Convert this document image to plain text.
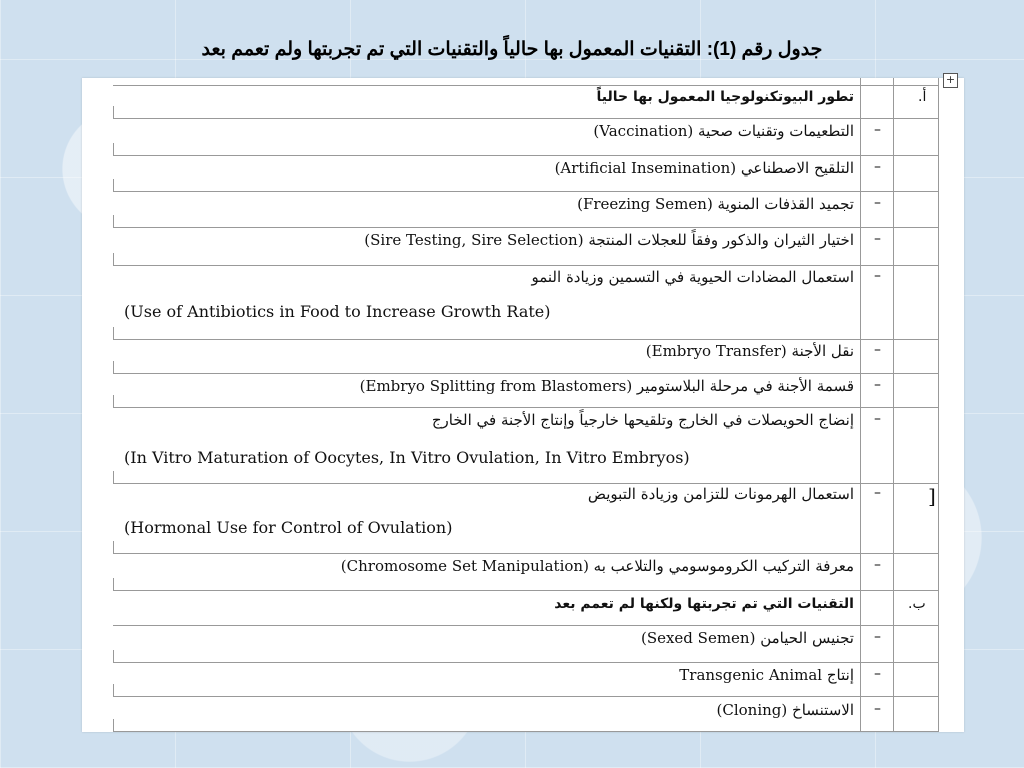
جدول رقم (1): التقنيات المعمول بها حالياً والتقنيات التي تم تجربتها ولم تعمم بعد
+
أ.
تطور البيوتكنولوجيا المعمول بها حالياً
–
التطعيمات وتقنيات صحية (Vaccination)
–
التلقيح الاصطناعي (Artificial Insemination)
–
تجميد القذفات المنوية (Freezing Semen)
–
اختيار الثيران والذكور وفقاً للعجلات المنتجة (Sire Testing, Sire Selection)
–
استعمال المضادات الحيوية في التسمين وزيادة النمو
(Use of Antibiotics in Food to Increase Growth Rate)
–
نقل الأجنة (Embryo Transfer)
–
قسمة الأجنة في مرحلة البلاستومير (Embryo Splitting from Blastomers)
–
إنضاج الحويصلات في الخارج وتلقيحها خارجياً وإنتاج الأجنة في الخارج
(In Vitro Maturation of Oocytes, In Vitro Ovulation, In Vitro Embryos)
–
استعمال الهرمونات للتزامن وزيادة التبويض
(Hormonal Use for Control of Ovulation)
–
معرفة التركيب الكروموسومي والتلاعب به (Chromosome Set Manipulation)
]
ب.
التقنيات التي تم تجربتها ولكنها لم تعمم بعد
–
تجنيس الحيامن (Sexed Semen)
–
إنتاج Transgenic Animal
–
الاستنساخ (Cloning)
